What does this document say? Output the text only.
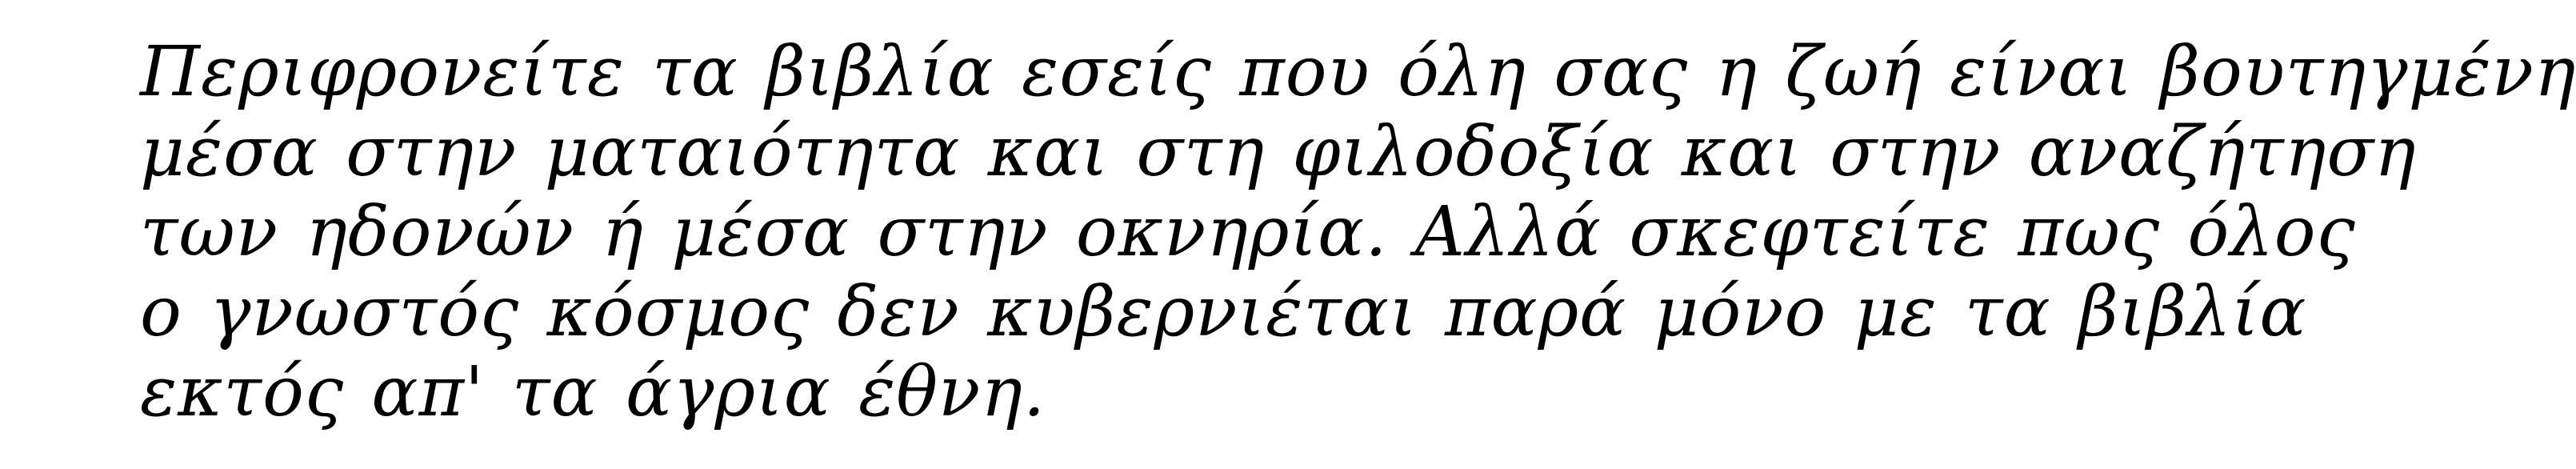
Περιφρονείτε τα βιβλία εσείς που όλη σας η ζωή είναι βουτηγμένη
μέσα στην ματαιότητα και στη φιλοδοξία και στην αναζήτηση
των ηδονών ή μέσα στην οκνηρία. Αλλά σκεφτείτε πως όλος
ο γνωστός κόσμος δεν κυβερνιέται παρά μόνο με τα βιβλία
εκτός απ' τα άγρια έθνη.
